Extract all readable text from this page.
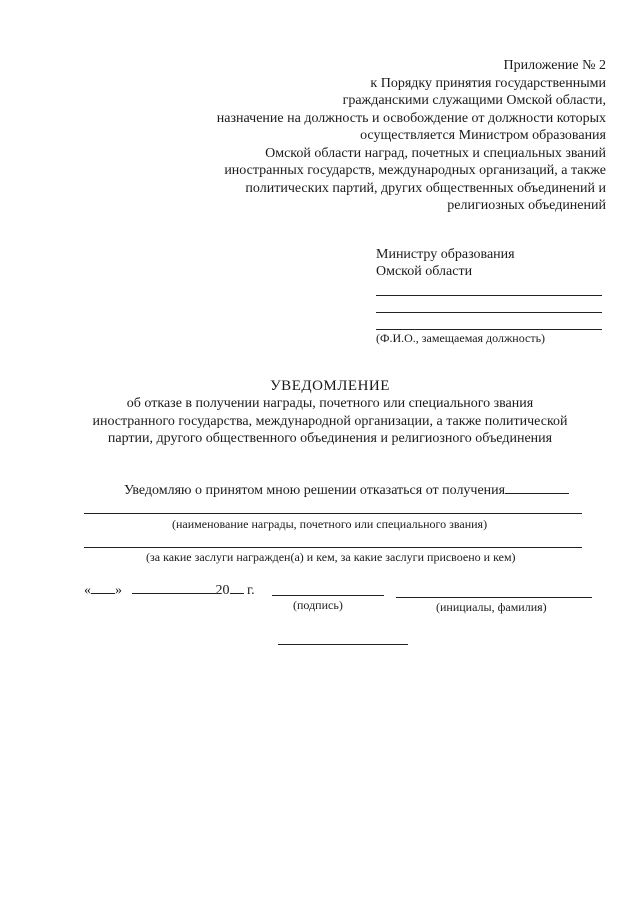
Приложение № 2
к Порядку принятия государственными
гражданскими служащими Омской области,
назначение на должность и освобождение от должности которых
осуществляется Министром образования
Омской области наград, почетных и специальных званий
иностранных государств, международных организаций, а также
политических партий, других общественных объединений и
религиозных объединений
Министру образования
Омской области
(Ф.И.О., замещаемая должность)
УВЕДОМЛЕНИЕ
об отказе в получении награды, почетного или специального звания
иностранного государства, международной организации, а также политической
партии, другого общественного объединения и религиозного объединения
Уведомляю о принятом мною решении отказаться от получения
(наименование награды, почетного или специального звания)
(за какие заслуги награжден(а) и кем, за какие заслуги присвоено и кем)
« »	20 г.
(подпись)	(инициалы, фамилия)
